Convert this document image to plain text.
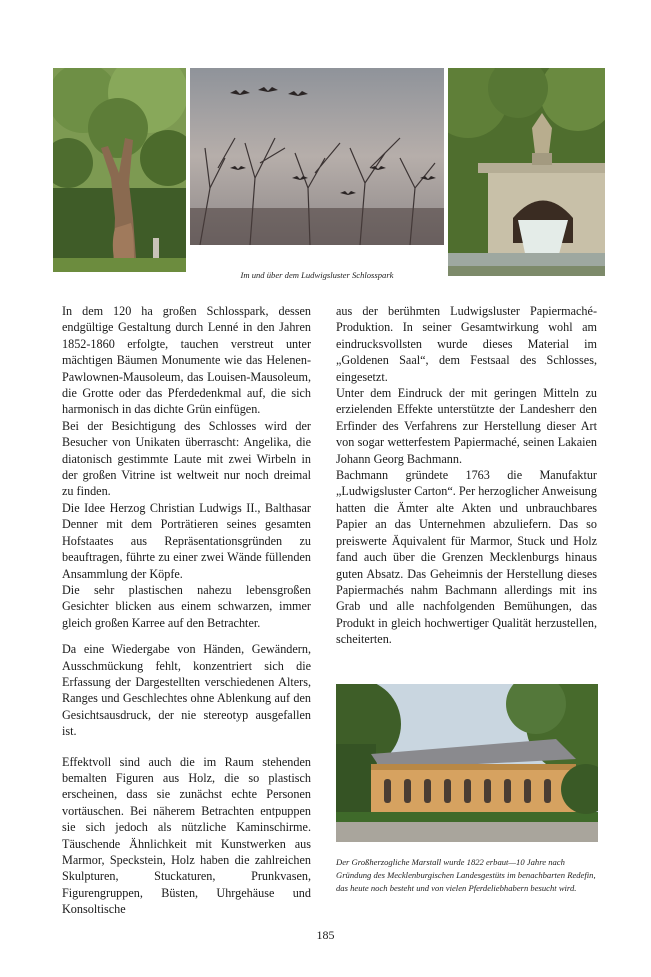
Im und über dem Ludwigsluster Schlosspark

In dem 120 ha großen Schlosspark, dessen endgültige Gestaltung durch Lenné in den Jahren 1852-1860 erfolgte, tauchen verstreut unter mächtigen Bäumen Monumente wie das Helenen-Pawlownen-Mausoleum, das Louisen-Mausoleum, die Grotte oder das Pferdedenkmal auf, die sich harmonisch in das dichte Grün einfügen.

Bei der Besichtigung des Schlosses wird der Besucher von Unikaten überrascht: Angelika, die diatonisch gestimmte Laute mit zwei Wirbeln in der großen Vitrine ist weltweit nur noch dreimal zu finden.

Die Idee Herzog Christian Ludwigs II., Balthasar Denner mit dem Porträtieren seines gesamten Hofstaates aus Repräsentationsgründen zu beauftragen, führte zu einer zwei Wände füllenden Ansammlung der Köpfe.

Die sehr plastischen nahezu lebensgroßen Gesichter blicken aus einem schwarzen, immer gleich großen Karree auf den Betrachter.

Da eine Wiedergabe von Händen, Gewändern, Ausschmückung fehlt, konzentriert sich die Erfassung der Dargestellten verschiedenen Alters, Ranges und Geschlechtes ohne Ablenkung auf den Gesichtsausdruck, der nie stereotyp ausgefallen ist.

Effektvoll sind auch die im Raum stehenden bemalten Figuren aus Holz, die so plastisch erscheinen, dass sie zunächst echte Personen vortäuschen. Bei näherem Betrachten entpuppen sie sich jedoch als nützliche Kaminschirme. Täuschende Ähnlichkeit mit Kunstwerken aus Marmor, Speckstein, Holz haben die zahlreichen Skulpturen, Stuckaturen, Prunkvasen, Figurengruppen, Büsten, Uhrgehäuse und Konsoltische

aus der berühmten Ludwigsluster Papiermaché-Produktion. In seiner Gesamtwirkung wohl am eindrucksvollsten wurde dieses Material im „Goldenen Saal“, dem Festsaal des Schlosses, eingesetzt.

Unter dem Eindruck der mit geringen Mitteln zu erzielenden Effekte unterstützte der Landesherr den Erfinder des Verfahrens zur Herstellung dieser Art von sogar wetterfestem Papiermaché, seinen Lakaien Johann Georg Bachmann.

Bachmann gründete 1763 die Manufaktur „Ludwigsluster Carton“. Per herzoglicher Anweisung hatten die Ämter alte Akten und unbrauchbares Papier an das Unternehmen abzuliefern. Das so preiswerte Äquivalent für Marmor, Stuck und Holz fand auch über die Grenzen Mecklenburgs hinaus guten Absatz. Das Geheimnis der Herstellung dieses Papiermachés nahm Bachmann allerdings mit ins Grab und alle nachfolgenden Bemühungen, das Produkt in gleich hochwertiger Qualität herzustellen, scheiterten.

Der Großherzogliche Marstall wurde 1822 erbaut—10 Jahre nach Gründung des Mecklenburgischen Landesgestüts im benachbarten Redefin, das heute noch besteht und von vielen Pferdeliebhabern besucht wird.
185
